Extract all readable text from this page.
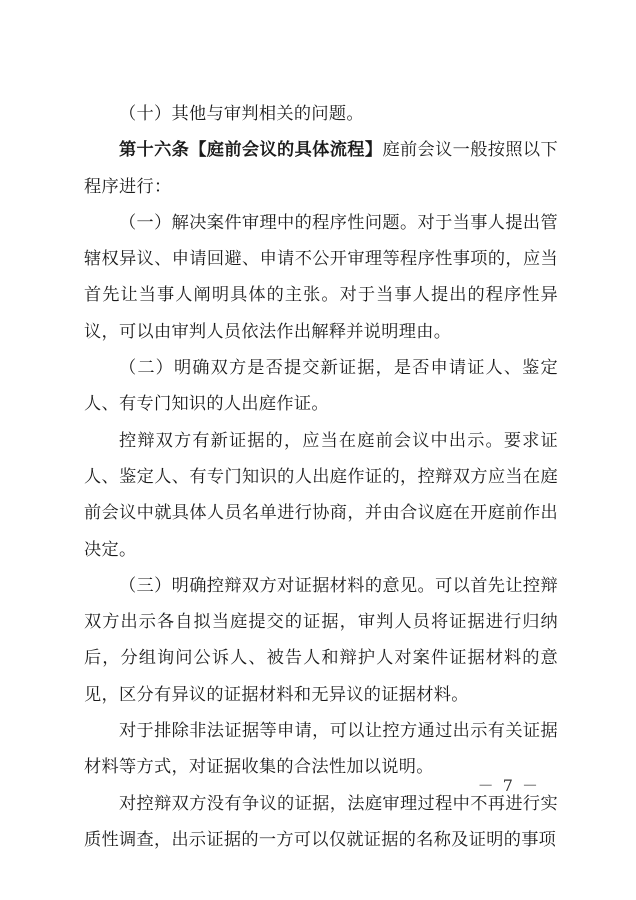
（十）其他与审判相关的问题。

第十六条【庭前会议的具体流程】庭前会议一般按照以下程序进行：

（一）解决案件审理中的程序性问题。对于当事人提出管辖权异议、申请回避、申请不公开审理等程序性事项的，应当首先让当事人阐明具体的主张。对于当事人提出的程序性异议，可以由审判人员依法作出解释并说明理由。

（二）明确双方是否提交新证据，是否申请证人、鉴定人、有专门知识的人出庭作证。

控辩双方有新证据的，应当在庭前会议中出示。要求证人、鉴定人、有专门知识的人出庭作证的，控辩双方应当在庭前会议中就具体人员名单进行协商，并由合议庭在开庭前作出决定。

（三）明确控辩双方对证据材料的意见。可以首先让控辩双方出示各自拟当庭提交的证据，审判人员将证据进行归纳后，分组询问公诉人、被告人和辩护人对案件证据材料的意见，区分有异议的证据材料和无异议的证据材料。

对于排除非法证据等申请，可以让控方通过出示有关证据材料等方式，对证据收集的合法性加以说明。

对控辩双方没有争议的证据，法庭审理过程中不再进行实质性调查，出示证据的一方可以仅就证据的名称及证明的事项

－ 7 －
